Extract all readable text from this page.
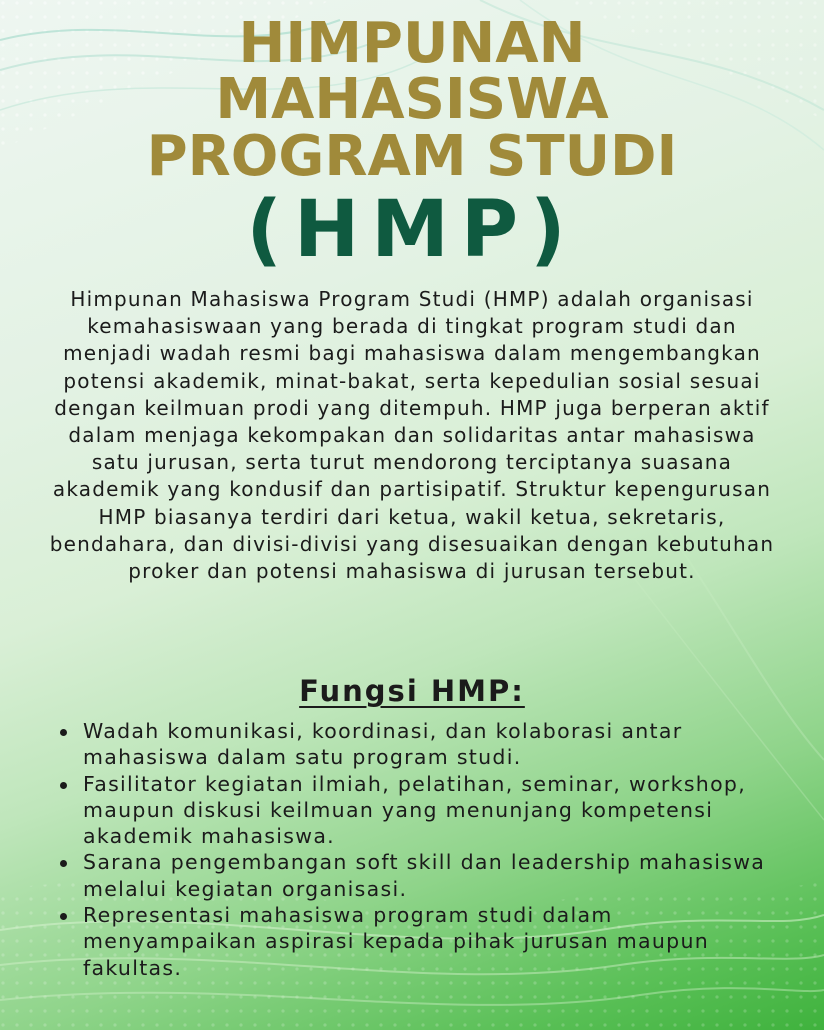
HIMPUNAN
MAHASISWA
PROGRAM STUDI
(HMP)

Himpunan Mahasiswa Program Studi (HMP) adalah organisasi kemahasiswaan yang berada di tingkat program studi dan menjadi wadah resmi bagi mahasiswa dalam mengembangkan potensi akademik, minat-bakat, serta kepedulian sosial sesuai dengan keilmuan prodi yang ditempuh. HMP juga berperan aktif dalam menjaga kekompakan dan solidaritas antar mahasiswa satu jurusan, serta turut mendorong terciptanya suasana akademik yang kondusif dan partisipatif. Struktur kepengurusan HMP biasanya terdiri dari ketua, wakil ketua, sekretaris, bendahara, dan divisi-divisi yang disesuaikan dengan kebutuhan proker dan potensi mahasiswa di jurusan tersebut.

Fungsi HMP:
Wadah komunikasi, koordinasi, dan kolaborasi antar mahasiswa dalam satu program studi.
Fasilitator kegiatan ilmiah, pelatihan, seminar, workshop, maupun diskusi keilmuan yang menunjang kompetensi akademik mahasiswa.
Sarana pengembangan soft skill dan leadership mahasiswa melalui kegiatan organisasi.
Representasi mahasiswa program studi dalam menyampaikan aspirasi kepada pihak jurusan maupun fakultas.
